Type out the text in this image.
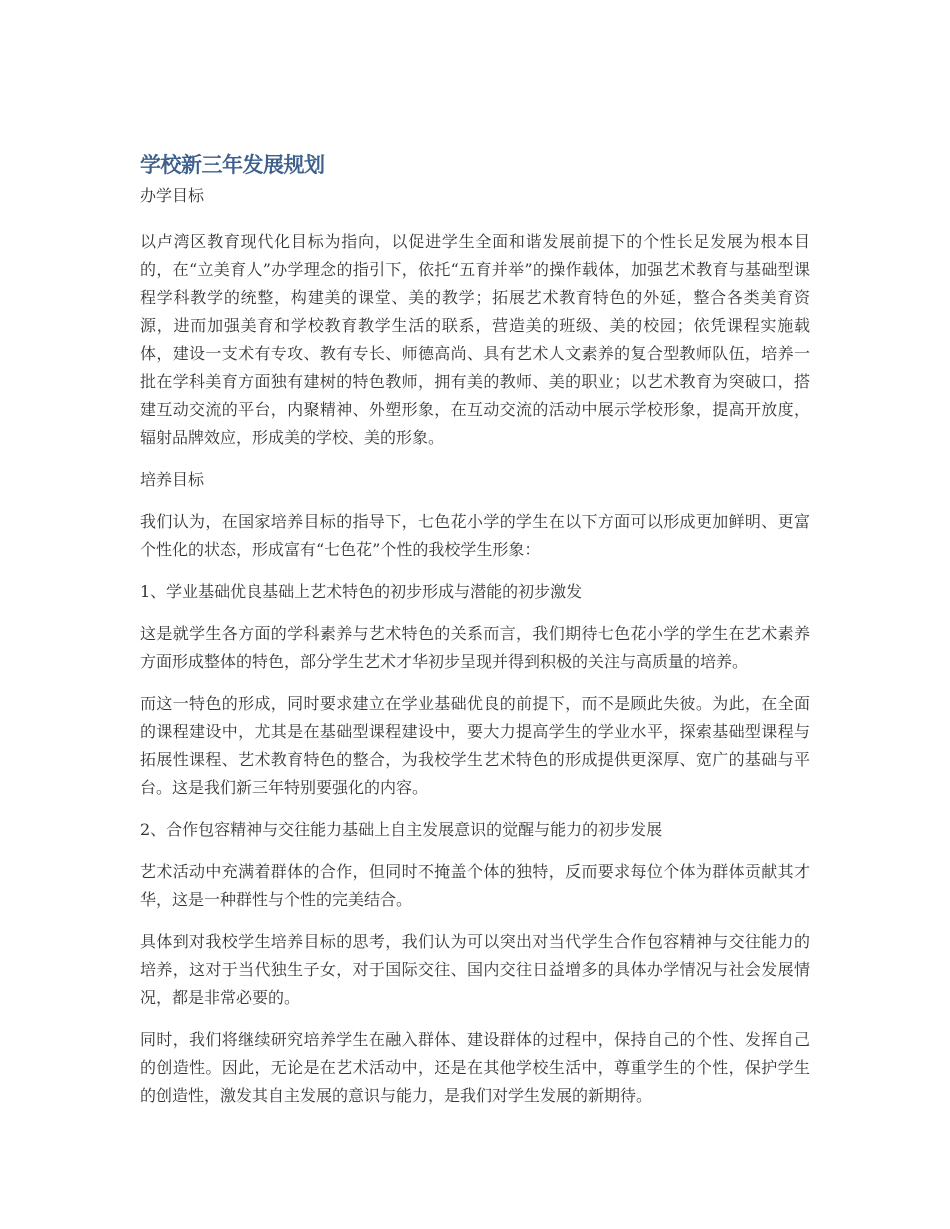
学校新三年发展规划

办学目标

以卢湾区教育现代化目标为指向，以促进学生全面和谐发展前提下的个性长足发展为根本目的，在“立美育人”办学理念的指引下，依托“五育并举”的操作载体，加强艺术教育与基础型课程学科教学的统整，构建美的课堂、美的教学；拓展艺术教育特色的外延，整合各类美育资源，进而加强美育和学校教育教学生活的联系，营造美的班级、美的校园；依凭课程实施载体，建设一支术有专攻、教有专长、师德高尚、具有艺术人文素养的复合型教师队伍，培养一批在学科美育方面独有建树的特色教师，拥有美的教师、美的职业；以艺术教育为突破口，搭建互动交流的平台，内聚精神、外塑形象，在互动交流的活动中展示学校形象，提高开放度，辐射品牌效应，形成美的学校、美的形象。

培养目标

我们认为，在国家培养目标的指导下，七色花小学的学生在以下方面可以形成更加鲜明、更富个性化的状态，形成富有“七色花”个性的我校学生形象：

1、学业基础优良基础上艺术特色的初步形成与潜能的初步激发

这是就学生各方面的学科素养与艺术特色的关系而言，我们期待七色花小学的学生在艺术素养方面形成整体的特色，部分学生艺术才华初步呈现并得到积极的关注与高质量的培养。

而这一特色的形成，同时要求建立在学业基础优良的前提下，而不是顾此失彼。为此，在全面的课程建设中，尤其是在基础型课程建设中，要大力提高学生的学业水平，探索基础型课程与拓展性课程、艺术教育特色的整合，为我校学生艺术特色的形成提供更深厚、宽广的基础与平台。这是我们新三年特别要强化的内容。

2、合作包容精神与交往能力基础上自主发展意识的觉醒与能力的初步发展

艺术活动中充满着群体的合作，但同时不掩盖个体的独特，反而要求每位个体为群体贡献其才华，这是一种群性与个性的完美结合。

具体到对我校学生培养目标的思考，我们认为可以突出对当代学生合作包容精神与交往能力的培养，这对于当代独生子女，对于国际交往、国内交往日益增多的具体办学情况与社会发展情况，都是非常必要的。

同时，我们将继续研究培养学生在融入群体、建设群体的过程中，保持自己的个性、发挥自己的创造性。因此，无论是在艺术活动中，还是在其他学校生活中，尊重学生的个性，保护学生的创造性，激发其自主发展的意识与能力，是我们对学生发展的新期待。
